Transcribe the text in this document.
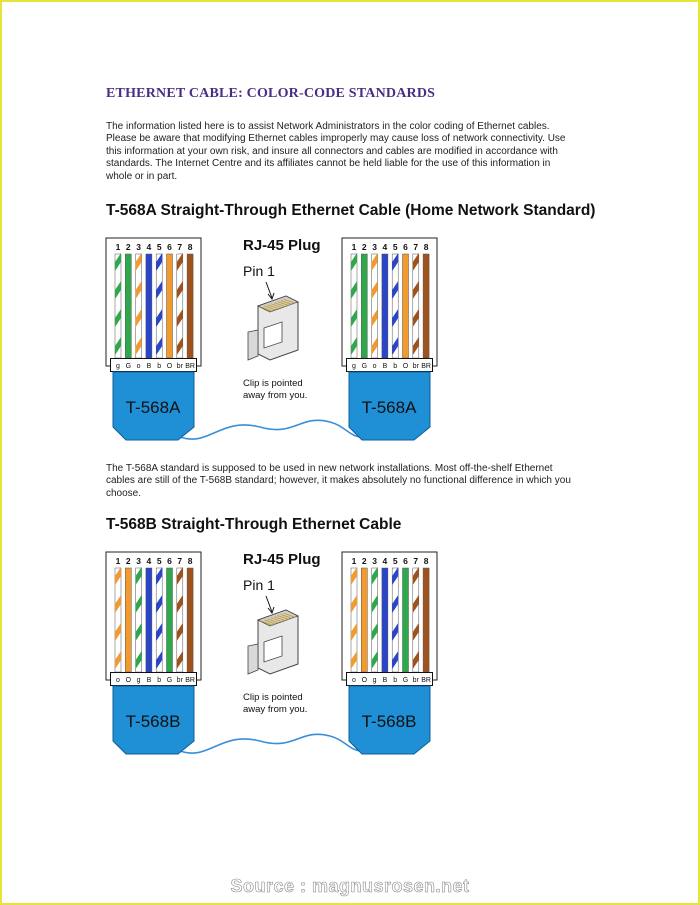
ETHERNET CABLE: COLOR-CODE STANDARDS
The information listed here is to assist Network Administrators in the color coding of Ethernet cables. Please be aware that modifying Ethernet cables improperly may cause loss of network connectivity. Use this information at your own risk, and insure all connectors and cables are modified in accordance with standards. The Internet Centre and its affiliates cannot be held liable for the use of this information in whole or in part.
T-568A Straight-Through Ethernet Cable (Home Network Standard)
1 2 3 4 5 6 7 8
g G o B b O br BR
T-568A
1 2 3 4 5 6 7 8
g G o B b O br BR
T-568A
RJ-45 Plug
Pin 1
Clip is pointed
away from you.
The T-568A standard is supposed to be used in new network installations. Most off-the-shelf Ethernet cables are still of the T-568B standard; however, it makes absolutely no functional difference in which you choose.
T-568B Straight-Through Ethernet Cable
1 2 3 4 5 6 7 8
o O g B b G br BR
T-568B
1 2 3 4 5 6 7 8
o O g B b G br BR
T-568B
RJ-45 Plug
Pin 1
Clip is pointed
away from you.
Source : magnusrosen.net
